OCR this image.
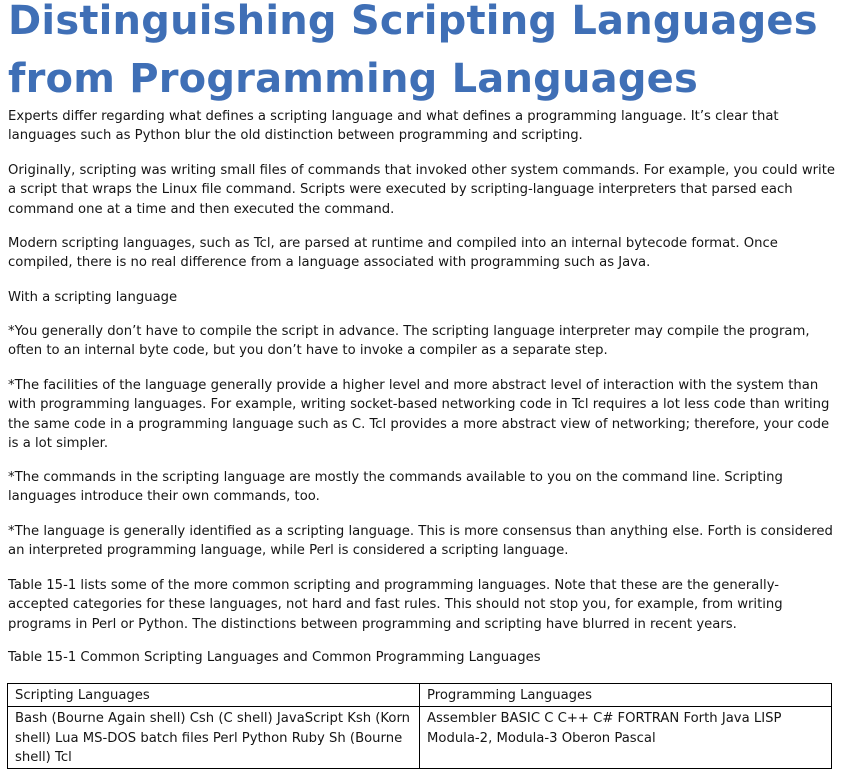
Distinguishing Scripting Languages from Programming Languages

Experts differ regarding what defines a scripting language and what defines a programming language. It’s clear that languages such as Python blur the old distinction between programming and scripting.

Originally, scripting was writing small files of commands that invoked other system commands. For example, you could write a script that wraps the Linux file command. Scripts were executed by scripting-language interpreters that parsed each command one at a time and then executed the command.

Modern scripting languages, such as Tcl, are parsed at runtime and compiled into an internal bytecode format. Once compiled, there is no real difference from a language associated with programming such as Java.

With a scripting language

*You generally don’t have to compile the script in advance. The scripting language interpreter may compile the program, often to an internal byte code, but you don’t have to invoke a compiler as a separate step.

*The facilities of the language generally provide a higher level and more abstract level of interaction with the system than with programming languages. For example, writing socket-based networking code in Tcl requires a lot less code than writing the same code in a programming language such as C. Tcl provides a more abstract view of networking; therefore, your code is a lot simpler.

*The commands in the scripting language are mostly the commands available to you on the command line. Scripting languages introduce their own commands, too.

*The language is generally identified as a scripting language. This is more consensus than anything else. Forth is considered an interpreted programming language, while Perl is considered a scripting language.

Table 15-1 lists some of the more common scripting and programming languages. Note that these are the generally-accepted categories for these languages, not hard and fast rules. This should not stop you, for example, from writing programs in Perl or Python. The distinctions between programming and scripting have blurred in recent years.

Table 15-1 Common Scripting Languages and Common Programming Languages

Scripting Languages	Programming Languages
Bash (Bourne Again shell) Csh (C shell) JavaScript Ksh (Korn shell) Lua MS-DOS batch files Perl Python Ruby Sh (Bourne shell) Tcl	Assembler BASIC C C++ C# FORTRAN Forth Java LISP Modula-2, Modula-3 Oberon Pascal
